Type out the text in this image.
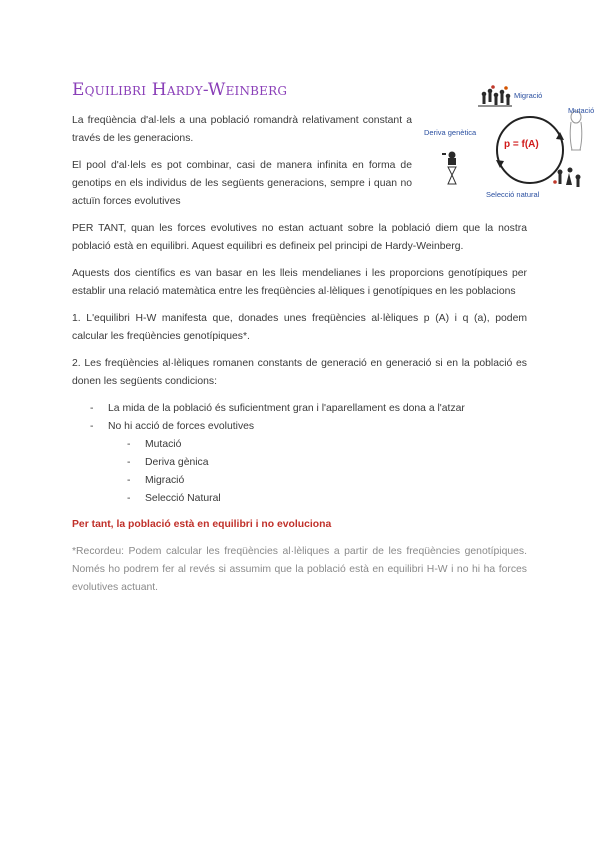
Migració
Mutació
Deriva genètica
Selecció natural
p = f(A)
Equilibri Hardy-Weinberg

La freqüència d'al·lels a una població romandrà relativament constant a través de les generacions.

El pool d'al·lels es pot combinar, casi de manera infinita en forma de genotips en els individus de les següents generacions, sempre i quan no actuïn forces evolutives

PER TANT, quan les forces evolutives no estan actuant sobre la població diem que la nostra població està en equilibri. Aquest equilibri es defineix pel principi de Hardy-Weinberg.

Aquests dos científics es van basar en les lleis mendelianes i les proporcions genotípiques per establir una relació matemàtica entre les freqüències al·lèliques i genotípiques en les poblacions

1. L'equilibri H-W manifesta que, donades unes freqüències al·lèliques p (A) i q (a), podem calcular les freqüències genotípiques*.

2. Les freqüències al·lèliques romanen constants de generació en generació si en la població es donen les següents condicions:

- La mida de la població és suficientment gran i l'aparellament es dona a l'atzar
- No hi acció de forces evolutives
- Mutació
- Deriva gènica
- Migració
- Selecció Natural

Per tant, la població està en equilibri i no evoluciona

*Recordeu: Podem calcular les freqüències al·lèliques a partir de les freqüències genotípiques. Només ho podrem fer al revés si assumim que la població està en equilibri H-W i no hi ha forces evolutives actuant.
